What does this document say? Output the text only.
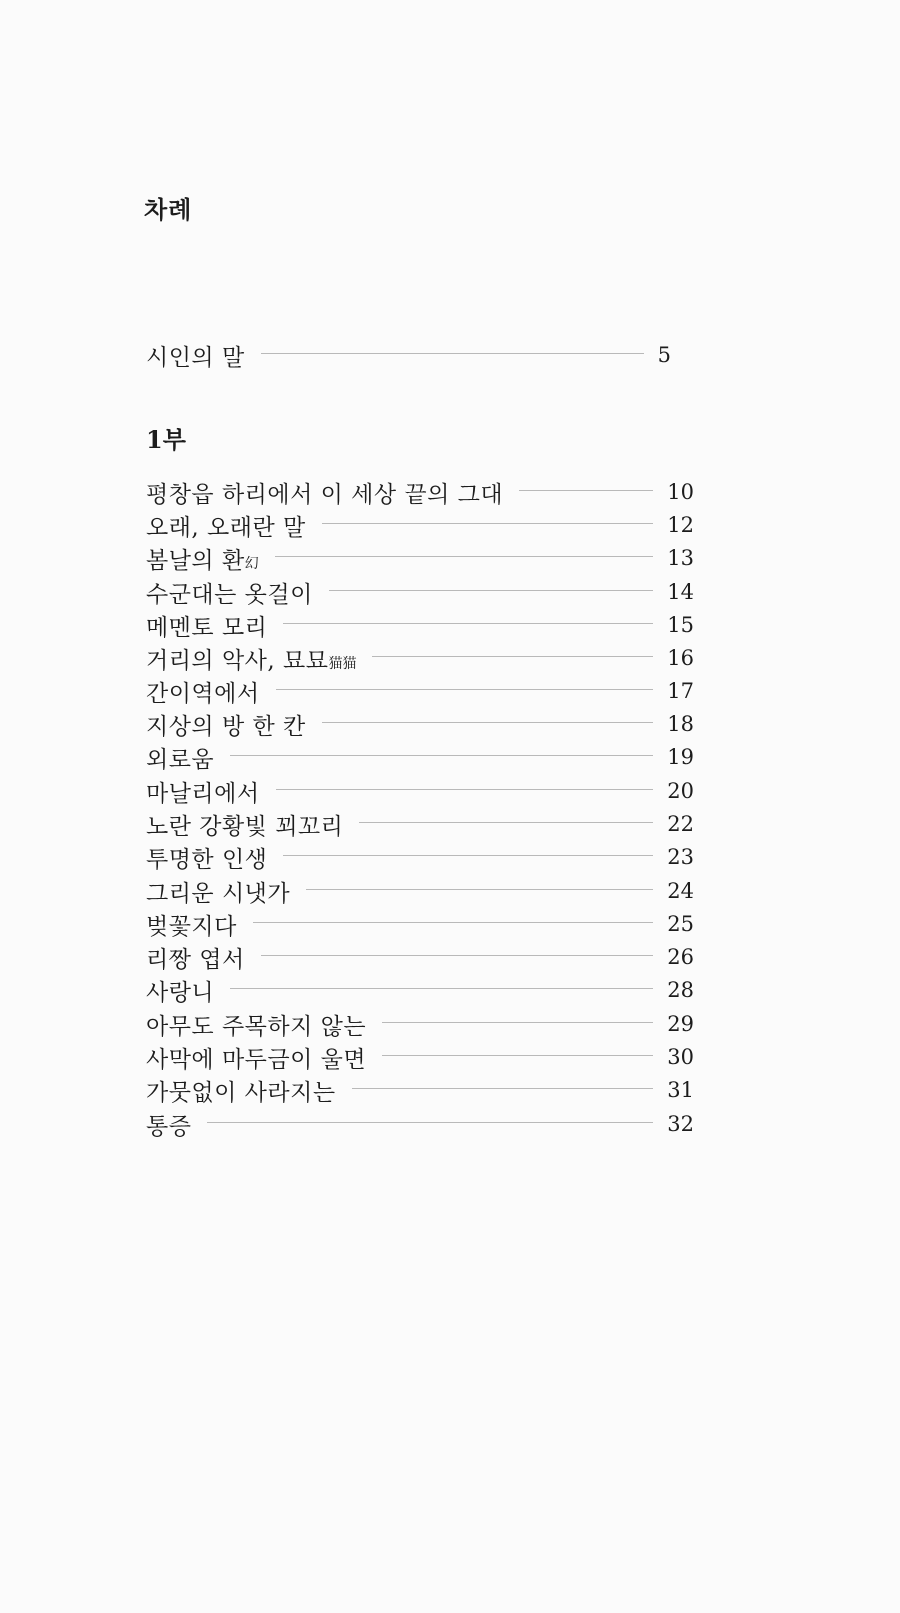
차례
시인의 말	5
1부
평창읍 하리에서 이 세상 끝의 그대	10
오래, 오래란 말	12
봄날의 환幻	13
수군대는 옷걸이	14
메멘토 모리	15
거리의 악사, 묘묘猫猫	16
간이역에서	17
지상의 방 한 칸	18
외로움	19
마날리에서	20
노란 강황빛 꾀꼬리	22
투명한 인생	23
그리운 시냇가	24
벚꽃지다	25
리짱 엽서	26
사랑니	28
아무도 주목하지 않는	29
사막에 마두금이 울면	30
가뭇없이 사라지는	31
통증	32
